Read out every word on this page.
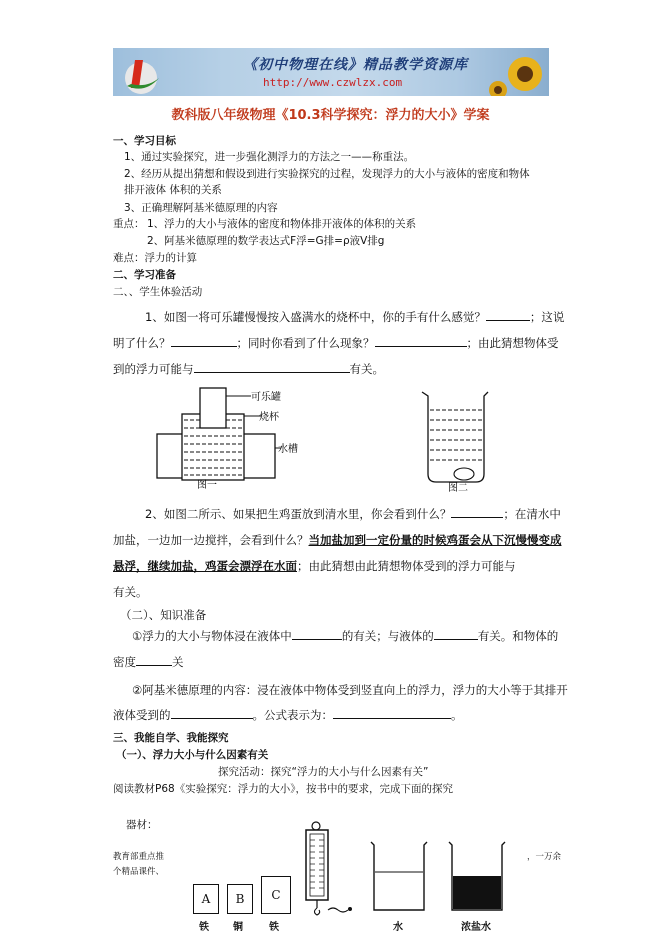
《初中物理在线》精品教学资源库
http://www.czwlzx.com
教科版八年级物理《10.3科学探究：浮力的大小》学案
一、学习目标
1、通过实验探究，进一步强化测浮力的方法之一——称重法。
2、经历从提出猜想和假设到进行实验探究的过程，发现浮力的大小与液体的密度和物体
排开液体 体积的关系
3、正确理解阿基米德原理的内容
重点： 1、浮力的大小与液体的密度和物体排开液体的体积的关系
2、阿基米德原理的数学表达式F浮=G排=ρ液V排g
难点：浮力的计算
二、学习准备
二、、学生体验活动
1、如图一将可乐罐慢慢按入盛满水的烧杯中，你的手有什么感觉？	；这说
明了什么？	；同时你看到了什么现象？	；由此猜想物体受
到的浮力可能与	有关。
可乐罐
烧杯
水槽
图一	图二
2、如图二所示、如果把生鸡蛋放到清水里，你会看到什么？	；在清水中
加盐，一边加一边搅拌，会看到什么？当加盐加到一定份量的时候鸡蛋会从下沉慢慢变成
悬浮，继续加盐，鸡蛋会漂浮在水面；由此猜想由此猜想物体受到的浮力可能与
有关。
（二）、知识准备
①浮力的大小与物体浸在液体中	的有关；与液体的	有关。和物体的
密度	关
②阿基米德原理的内容：浸在液体中物体受到竖直向上的浮力，浮力的大小等于其排开
液体受到的	。公式表示为：	。
三、我能自学、我能探究
（一）、浮力大小与什么因素有关
探究活动：探究“浮力的大小与什么因素有关”
阅读教材P68《实验探究：浮力的大小》，按书中的要求，完成下面的探究
器材：
教育部重点推	，一万余
个精品课件、
A	B	C
铁 铜	铁	水	浓盐水
